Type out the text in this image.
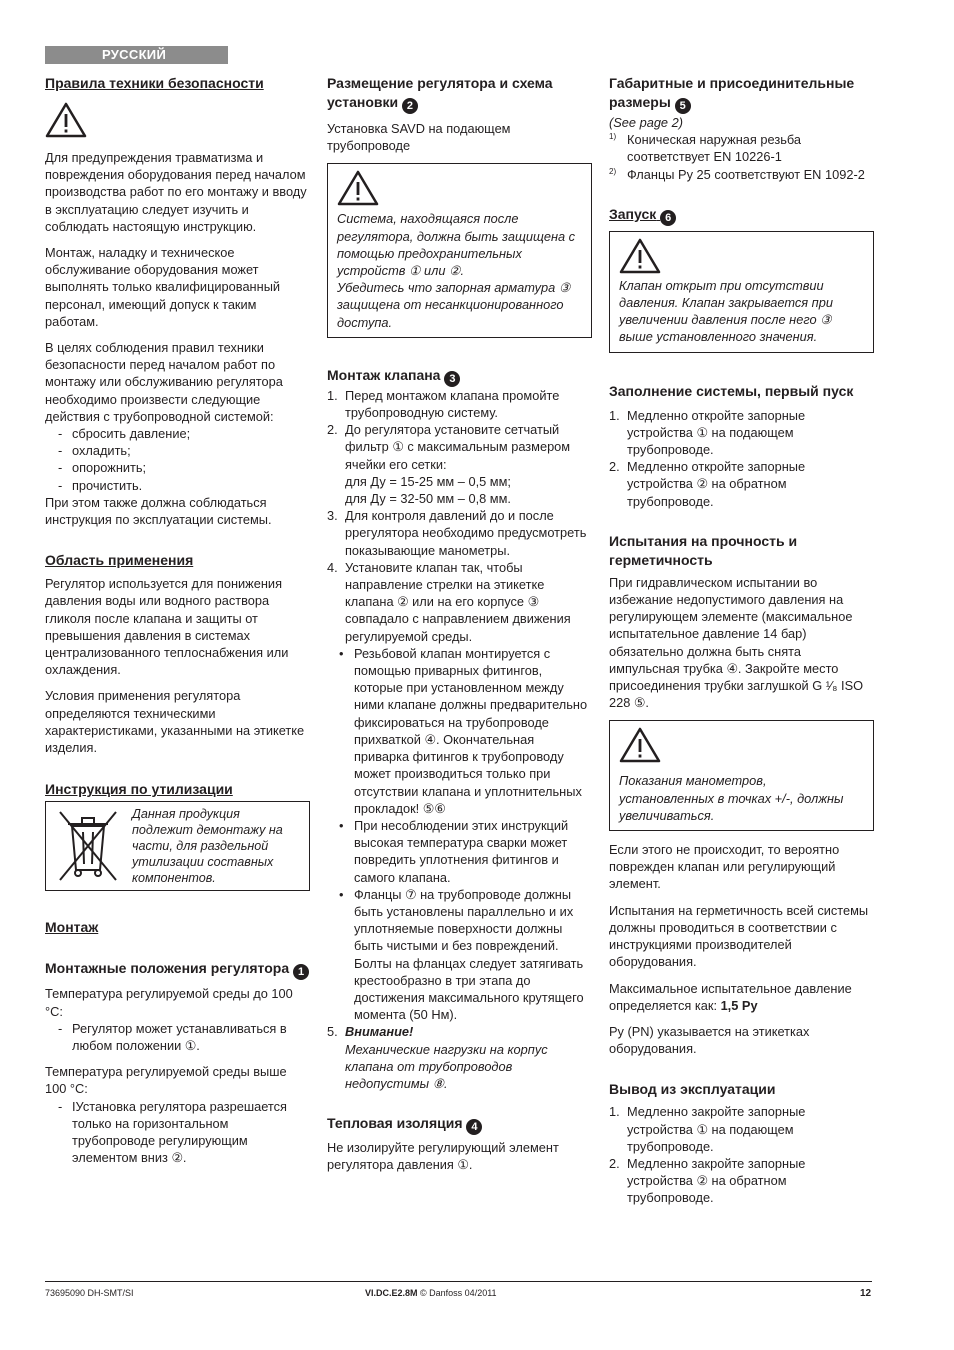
РУССКИЙ
Правила техники безопасности

Для предупреждения травматизма и повреждения оборудования перед началом производства работ по его монтажу и вводу в эксплуатацию следует изучить и соблюдать настоящую инструкцию.

Монтаж, наладку и техническое обслуживание оборудования может выполнять только квалифицированный персонал, имеющий допуск к таким работам.

В целях соблюдения правил техники безопасности перед началом работ по монтажу или обслуживанию регулятора необходимо произвести следующие действия с трубопроводной системой:

- сбросить давление;
- охладить;
- опорожнить;
- прочистить.

При этом также должна соблюдаться инструкция по эксплуатации системы.

Область применения

Регулятор используется для понижения давления воды или водного раствора гликоля после клапана и защиты от превышения давления в системах централизованного теплоснабжения или охлаждения.

Условия применения регулятора определяются техническими характеристиками, указанными на этикетке изделия.

Инструкция по утилизации
Данная продукция подлежит демонтажу на части, для раздельной утилизации составных компонентов.
Монтаж
Монтажные положения регулятора 1

Температура регулируемой среды до 100 °C:

- Регулятор может устанавливаться в любом положении ①.

Температура регулируемой среды выше 100 °C:

- IУстановка регулятора разрешается только на горизонтальном трубопроводе регулирующим элементом вниз ②.
Размещение регулятора и схема установки 2

Установка SAVD на подающем трубопроводе

Система, находящаяся после регулятора, должна быть защищена с помощью предохранительных устройств ① или ②.

Убедитесь что запорная арматура ③ защищена от несанкционированного доступа.

Монтаж клапана 3
1. Перед монтажом клапана промойте трубопроводную систему.
2. До регулятора установите сетчатый фильтр ① с максимальным размером ячейки его сетки:
для Ду = 15-25 мм – 0,5 мм;
для Ду = 32-50 мм – 0,8 мм.
3. Для контроля давлений до и после ррегулятора необходимо предусмотреть показывающие манометры.
4. Установите клапан так, чтобы направление стрелки на этикетке клапана ② или на его корпусе ③ совпадало с направлением движения регулируемой среды.
• Резьбовой клапан монтируется с помощью приварных фитингов, которые при установленном между ними клапане должны предварительно фиксироваться на трубопроводе прихваткой ④. Окончательная приварка фитингов к трубопроводу может производиться только при отсутствии клапана и уплотнительных прокладок! ⑤⑥
• При несоблюдении этих инструкций высокая температура сварки может повредить уплотнения фитингов и самого клапана.
• Фланцы ⑦ на трубопроводе должны быть установлены параллельно и их уплотняемые поверхности должны быть чистыми и без повреждений. Болты на фланцах следует затягивать крестообразно в три этапа до достижения максимального крутящего момента (50 Нм).
5. Внимание!
Механические нагрузки на корпус клапана от трубопроводов недопустимы ⑧.
Тепловая изоляция 4

Не изолируйте регулирующий элемент регулятора давления ①.

Габаритные и присоединительные размеры 5

(See page 2)

1) Коническая наружная резьба соответствует EN 10226-1
2) Фланцы Ру 25 соответствуют EN 1092-2
Запуск 6

Клапан открыт при отсутствии давления. Клапан закрывается при увеличении давления после него ③ выше установленного значения.

Заполнение системы, первый пуск
1. Медленно откройте запорные устройства ① на подающем трубопроводе.
2. Медленно откройте запорные устройства ② на обратном трубопроводе.
Испытания на прочность и герметичность

При гидравлическом испытании во избежание недопустимого давления на регулирующем элементе (максимальное испытательное давление 14 бар) обязательно должна быть снята импульсная трубка ④. Закройте место присоединения трубки заглушкой G ¹⁄₈ ISO 228 ⑤.

Показания манометров, установленных в точках +/-, должны увеличиваться.

Если этого не происходит, то вероятно поврежден клапан или регулирующий элемент.

Испытания на герметичность всей системы должны проводиться в соответствии с инструкциями производителей оборудования.

Максимальное испытательное давление определяется как: 1,5 Ру

Ру (PN) указывается на этикетках оборудования.

Вывод из эксплуатации
1. Медленно закройте запорные устройства ① на подающем трубопроводе.
2. Медленно закройте запорные устройства ② на обратном трубопроводе.
73695090 DH-SMT/SI	VI.DC.E2.8M © Danfoss 04/2011	12
